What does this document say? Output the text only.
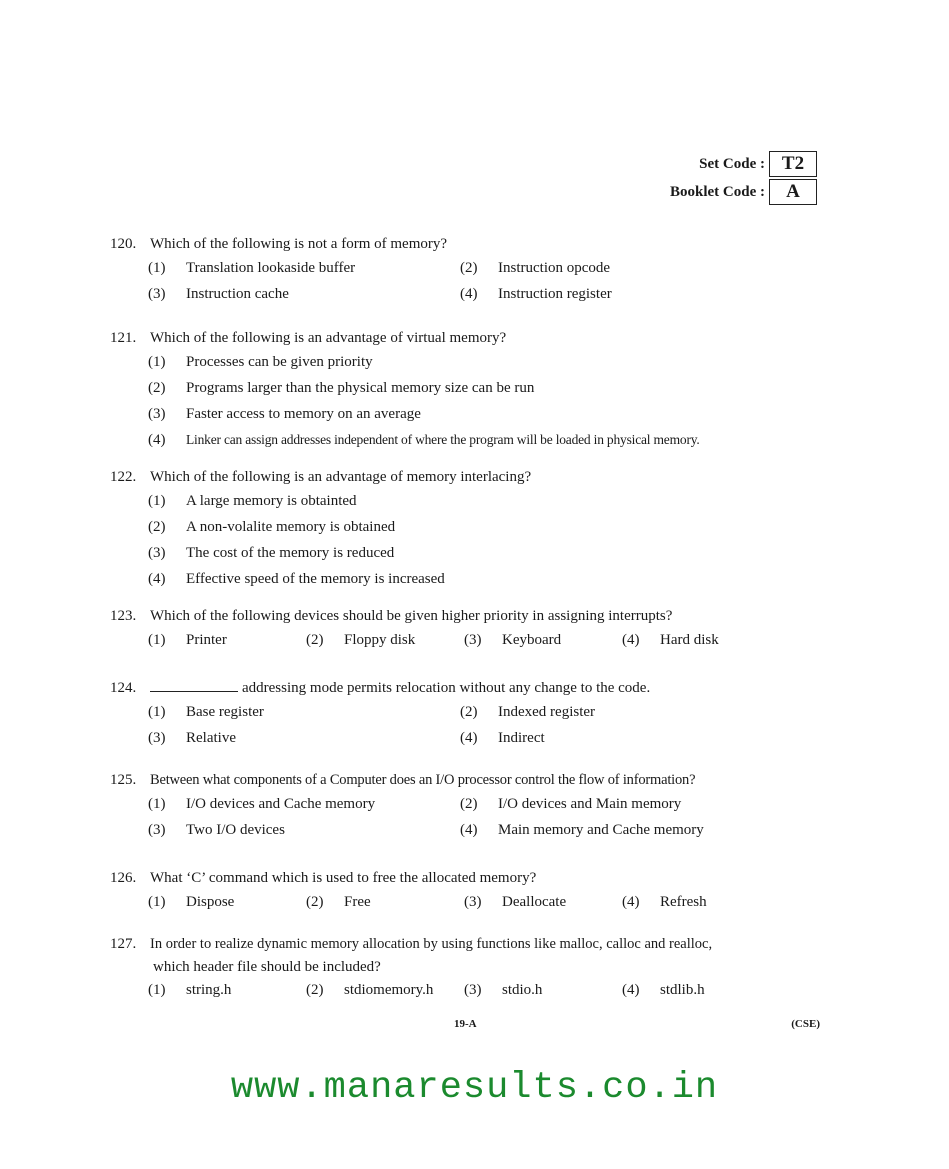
Set Code : T2
Booklet Code :	A
120. Which of the following is not a form of memory?
(1)	Translation lookaside buffer	(2)	Instruction opcode
(3)	Instruction cache	(4)	Instruction register
121. Which of the following is an advantage of virtual memory?
(1)	Processes can be given priority
(2)	Programs larger than the physical memory size can be run
(3)	Faster access to memory on an average
(4)	Linker can assign addresses independent of where the program will be loaded in physical memory.
122. Which of the following is an advantage of memory interlacing?
(1)	A large memory is obtainted
(2)	A non-volalite memory is obtained
(3)	The cost of the memory is reduced
(4)	Effective speed of the memory is increased
123. Which of the following devices should be given higher priority in assigning interrupts?
(1)	Printer	(2)	Floppy disk	(3)	Keyboard	(4)	Hard disk
124.	addressing mode permits relocation without any change to the code.
(1)	Base register	(2)	Indexed register
(3)	Relative	(4)	Indirect
125. Between what components of a Computer does an I/O processor control the flow of information?
(1)	I/O devices and Cache memory	(2)	I/O devices and Main memory
(3)	Two I/O devices	(4)	Main memory and Cache memory
126. What ‘C’ command which is used to free the allocated memory?
(1)	Dispose	(2)	Free	(3)	Deallocate	(4)	Refresh
127. In order to realize dynamic memory allocation by using functions like malloc, calloc and realloc,
which header file should be included?
(1)	string.h	(2)	stdiomemory.h (3)	stdio.h	(4)	stdlib.h
19-A	(CSE)
www.manaresults.co.in
